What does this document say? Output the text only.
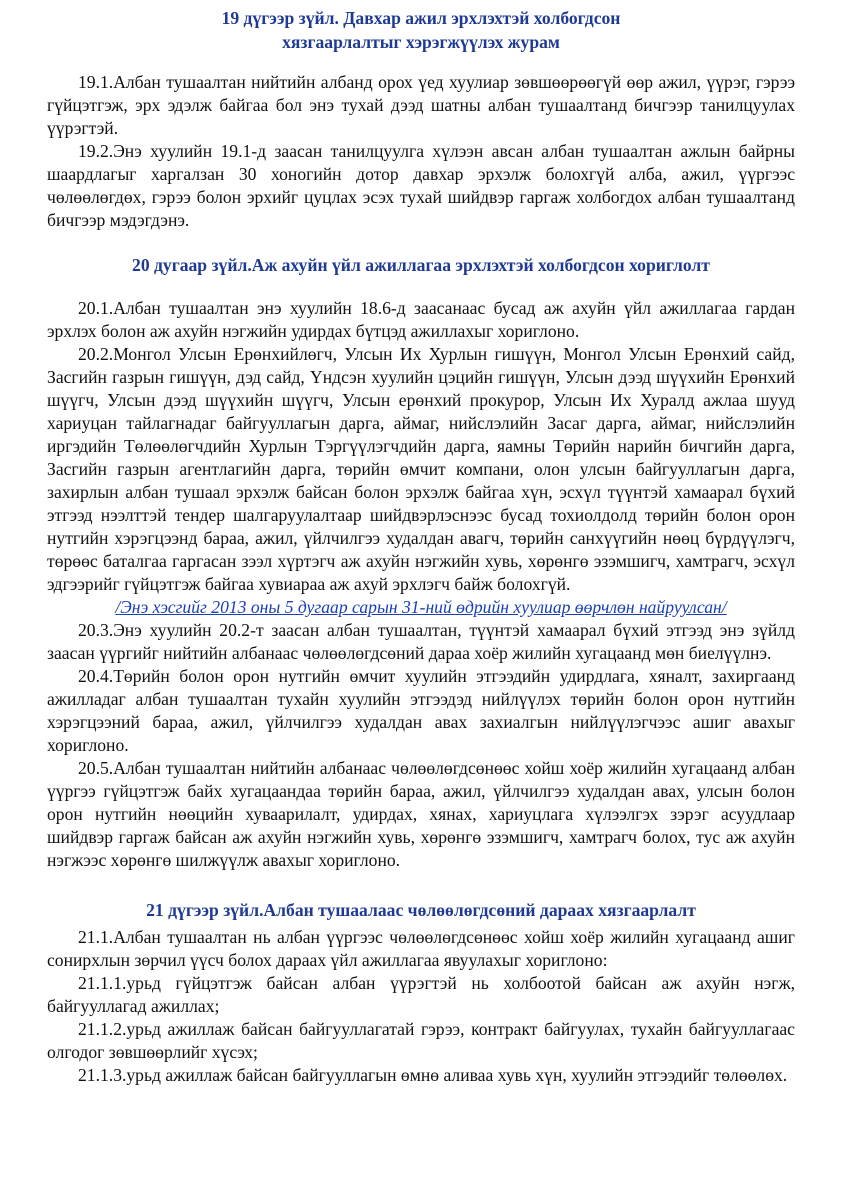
19 дүгээр зүйл. Давхар ажил эрхлэхтэй холбогдсон
хязгаарлалтыг хэрэгжүүлэх журам

19.1.Албан тушаалтан нийтийн албанд орох үед хуулиар зөвшөөрөөгүй өөр ажил, үүрэг, гэрээ гүйцэтгэж, эрх эдэлж байгаа бол энэ тухай дээд шатны албан тушаалтанд бичгээр танилцуулах үүрэгтэй.

19.2.Энэ хуулийн 19.1-д заасан танилцуулга хүлээн авсан албан тушаалтан ажлын байрны шаардлагыг харгалзан 30 хоногийн дотор давхар эрхэлж болохгүй алба, ажил, үүргээс чөлөөлөгдөх, гэрээ болон эрхийг цуцлах эсэх тухай шийдвэр гаргаж холбогдох албан тушаалтанд бичгээр мэдэгдэнэ.

20 дугаар зүйл.Аж ахуйн үйл ажиллагаа эрхлэхтэй холбогдсон хориглолт

20.1.Албан тушаалтан энэ хуулийн 18.6-д заасанаас бусад аж ахуйн үйл ажиллагаа гардан эрхлэх болон аж ахуйн нэгжийн удирдах бүтцэд ажиллахыг хориглоно.

20.2.Монгол Улсын Ерөнхийлөгч, Улсын Их Хурлын гишүүн, Монгол Улсын Ерөнхий сайд, Засгийн газрын гишүүн, дэд сайд, Үндсэн хуулийн цэцийн гишүүн, Улсын дээд шүүхийн Ерөнхий шүүгч, Улсын дээд шүүхийн шүүгч, Улсын ерөнхий прокурор, Улсын Их Хуралд ажлаа шууд хариуцан тайлагнадаг байгууллагын дарга, аймаг, нийслэлийн Засаг дарга, аймаг, нийслэлийн иргэдийн Төлөөлөгчдийн Хурлын Тэргүүлэгчдийн дарга, яамны Төрийн нарийн бичгийн дарга, Засгийн газрын агентлагийн дарга, төрийн өмчит компани, олон улсын байгууллагын дарга, захирлын албан тушаал эрхэлж байсан болон эрхэлж байгаа хүн, эсхүл түүнтэй хамаарал бүхий этгээд нээлттэй тендер шалгаруулалтаар шийдвэрлэснээс бусад тохиолдолд төрийн болон орон нутгийн хэрэгцээнд бараа, ажил, үйлчилгээ худалдан авагч, төрийн санхүүгийн нөөц бүрдүүлэгч, төрөөс баталгаа гаргасан зээл хүртэгч аж ахуйн нэгжийн хувь, хөрөнгө эзэмшигч, хамтрагч, эсхүл эдгээрийг гүйцэтгэж байгаа хувиараа аж ахуй эрхлэгч байж болохгүй.

/Энэ хэсгийг 2013 оны 5 дугаар сарын 31-ний өдрийн хуулиар өөрчлөн найруулсан/

20.3.Энэ хуулийн 20.2-т заасан албан тушаалтан, түүнтэй хамаарал бүхий этгээд энэ зүйлд заасан үүргийг нийтийн албанаас чөлөөлөгдсөний дараа хоёр жилийн хугацаанд мөн биелүүлнэ.

20.4.Төрийн болон орон нутгийн өмчит хуулийн этгээдийн удирдлага, хяналт, захиргаанд ажилладаг албан тушаалтан тухайн хуулийн этгээдэд нийлүүлэх төрийн болон орон нутгийн хэрэгцээний бараа, ажил, үйлчилгээ худалдан авах захиалгын нийлүүлэгчээс ашиг авахыг хориглоно.

20.5.Албан тушаалтан нийтийн албанаас чөлөөлөгдсөнөөс хойш хоёр жилийн хугацаанд албан үүргээ гүйцэтгэж байх хугацаандаа төрийн бараа, ажил, үйлчилгээ худалдан авах, улсын болон орон нутгийн нөөцийн хуваарилалт, удирдах, хянах, хариуцлага хүлээлгэх зэрэг асуудлаар шийдвэр гаргаж байсан аж ахуйн нэгжийн хувь, хөрөнгө эзэмшигч, хамтрагч болох, тус аж ахуйн нэгжээс хөрөнгө шилжүүлж авахыг хориглоно.

21 дүгээр зүйл.Албан тушаалаас чөлөөлөгдсөний дараах хязгаарлалт

21.1.Албан тушаалтан нь албан үүргээс чөлөөлөгдсөнөөс хойш хоёр жилийн хугацаанд ашиг сонирхлын зөрчил үүсч болох дараах үйл ажиллагаа явуулахыг хориглоно:

21.1.1.урьд гүйцэтгэж байсан албан үүрэгтэй нь холбоотой байсан аж ахуйн нэгж, байгууллагад ажиллах;

21.1.2.урьд ажиллаж байсан байгууллагатай гэрээ, контракт байгуулах, тухайн байгууллагаас олгодог зөвшөөрлийг хүсэх;

21.1.3.урьд ажиллаж байсан байгууллагын өмнө аливаа хувь хүн, хуулийн этгээдийг төлөөлөх.
